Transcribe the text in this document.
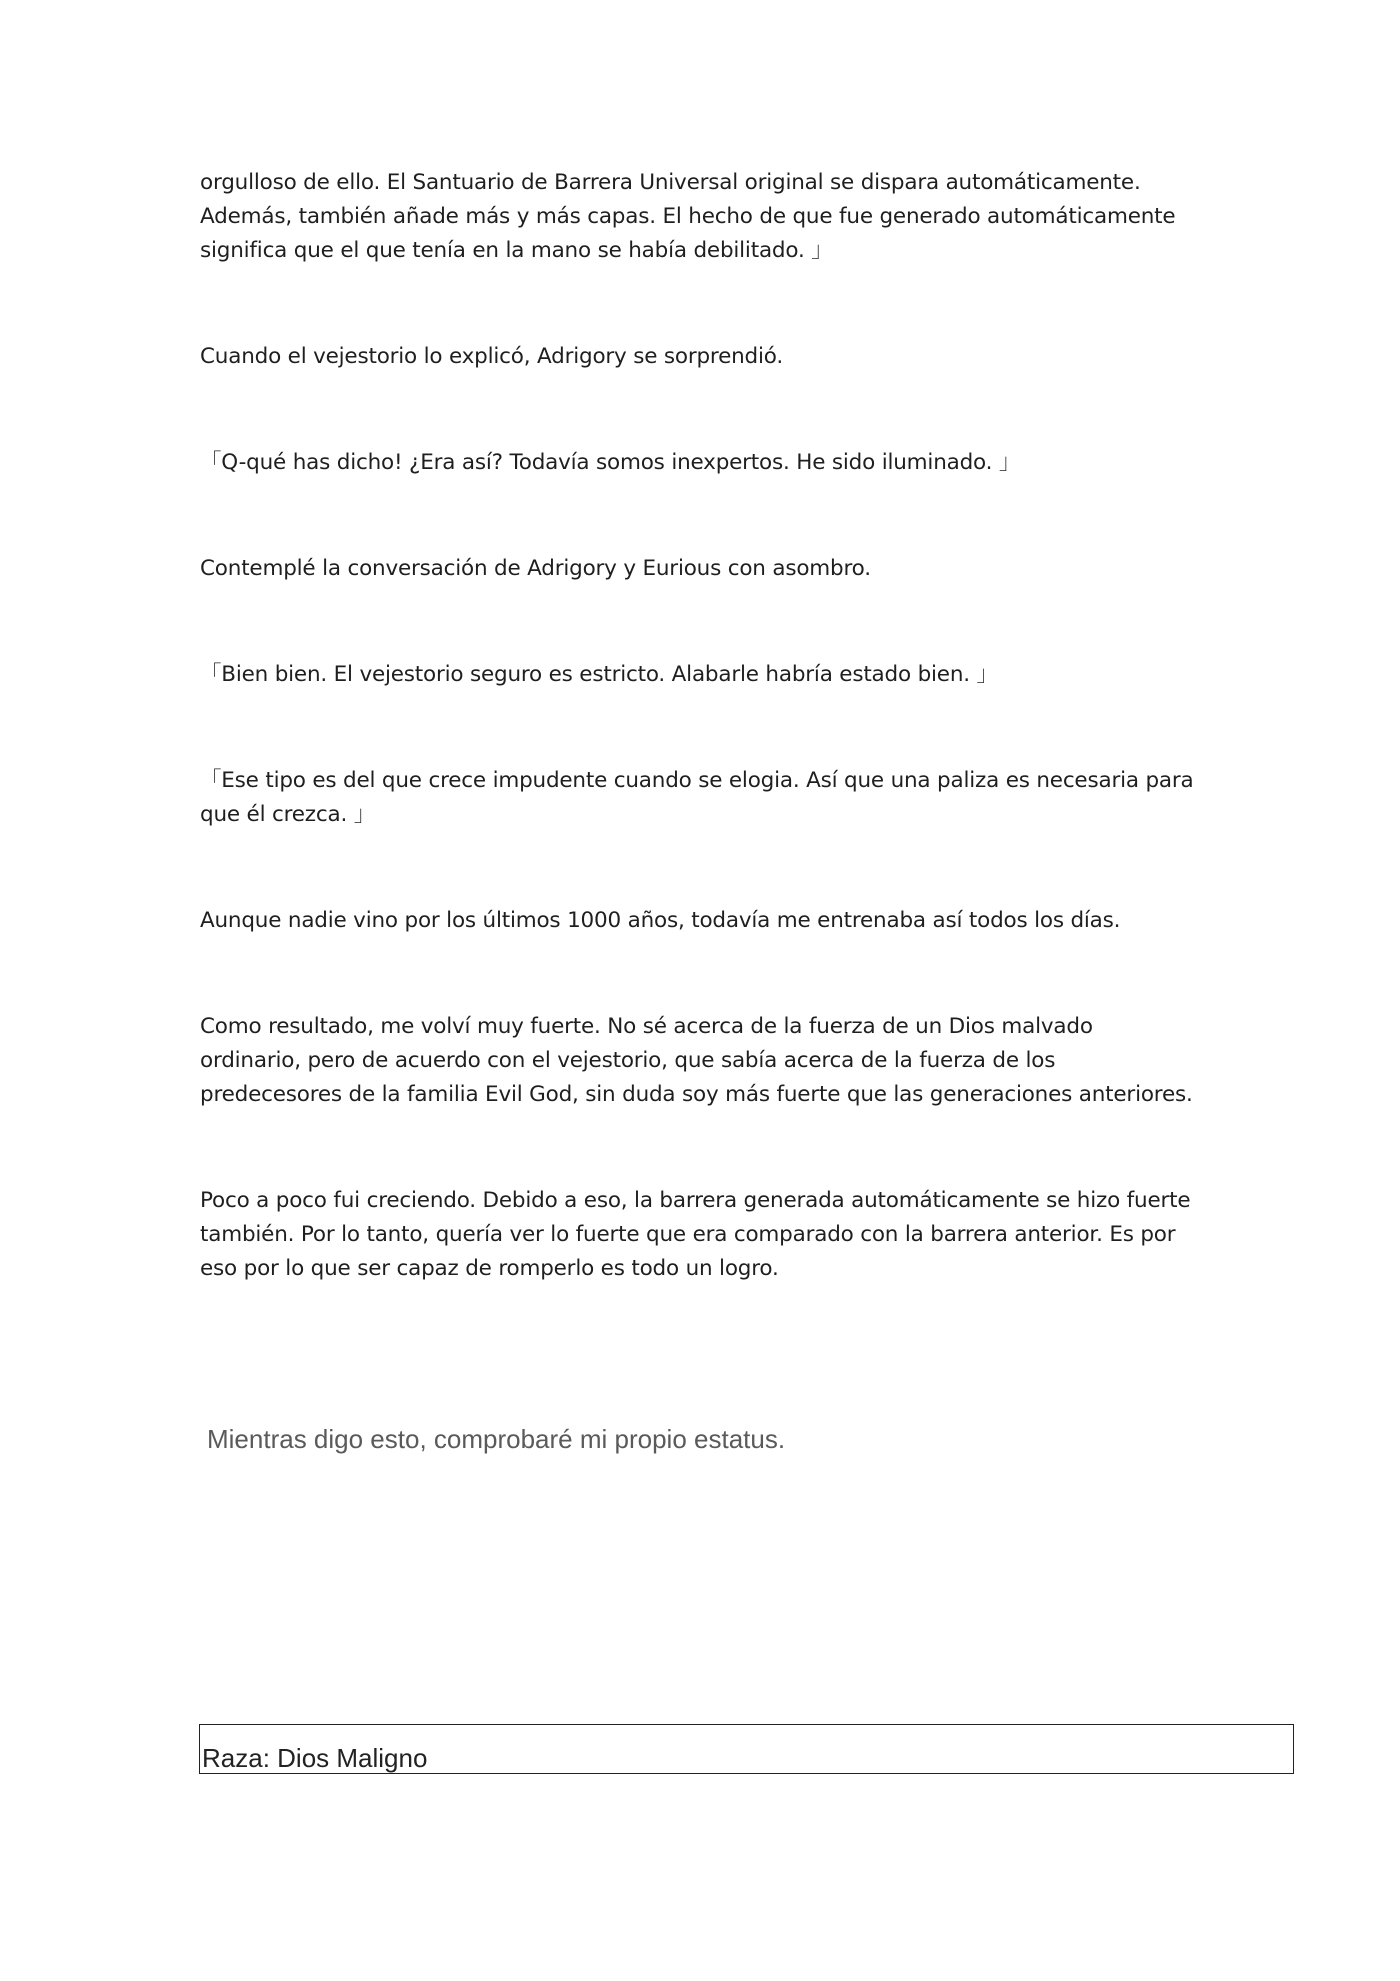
orgulloso de ello. El Santuario de Barrera Universal original se dispara automáticamente. Además, también añade más y más capas. El hecho de que fue generado automáticamente significa que el que tenía en la mano se había debilitado. 」

Cuando el vejestorio lo explicó, Adrigory se sorprendió.

「Q-qué has dicho! ¿Era así? Todavía somos inexpertos. He sido iluminado. 」

Contemplé la conversación de Adrigory y Eurious con asombro.

「Bien bien. El vejestorio seguro es estricto. Alabarle habría estado bien. 」

「Ese tipo es del que crece impudente cuando se elogia. Así que una paliza es necesaria para que él crezca. 」

Aunque nadie vino por los últimos 1000 años, todavía me entrenaba así todos los días.

Como resultado, me volví muy fuerte. No sé acerca de la fuerza de un Dios malvado ordinario, pero de acuerdo con el vejestorio, que sabía acerca de la fuerza de los predecesores de la familia Evil God, sin duda soy más fuerte que las generaciones anteriores.

Poco a poco fui creciendo. Debido a eso, la barrera generada automáticamente se hizo fuerte también. Por lo tanto, quería ver lo fuerte que era comparado con la barrera anterior. Es por eso por lo que ser capaz de romperlo es todo un logro.

Mientras digo esto, comprobaré mi propio estatus.

Raza: Dios Maligno
